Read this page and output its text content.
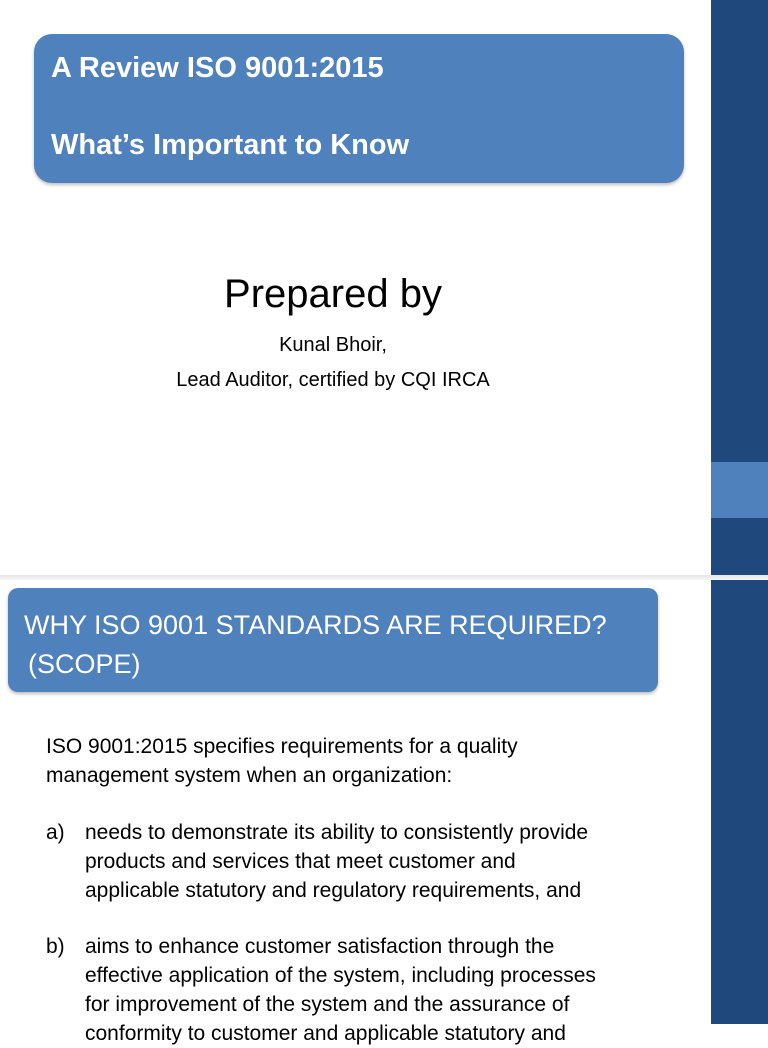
A Review ISO 9001:2015
What’s Important to Know
Prepared by
Kunal Bhoir,
Lead Auditor, certified by CQI IRCA
WHY ISO 9001 STANDARDS ARE REQUIRED?
(SCOPE)
ISO 9001:2015 specifies requirements for a quality
management system when an organization:
a) needs to demonstrate its ability to consistently provide
products and services that meet customer and
applicable statutory and regulatory requirements, and
b) aims to enhance customer satisfaction through the
effective application of the system, including processes
for improvement of the system and the assurance of
conformity to customer and applicable statutory and
